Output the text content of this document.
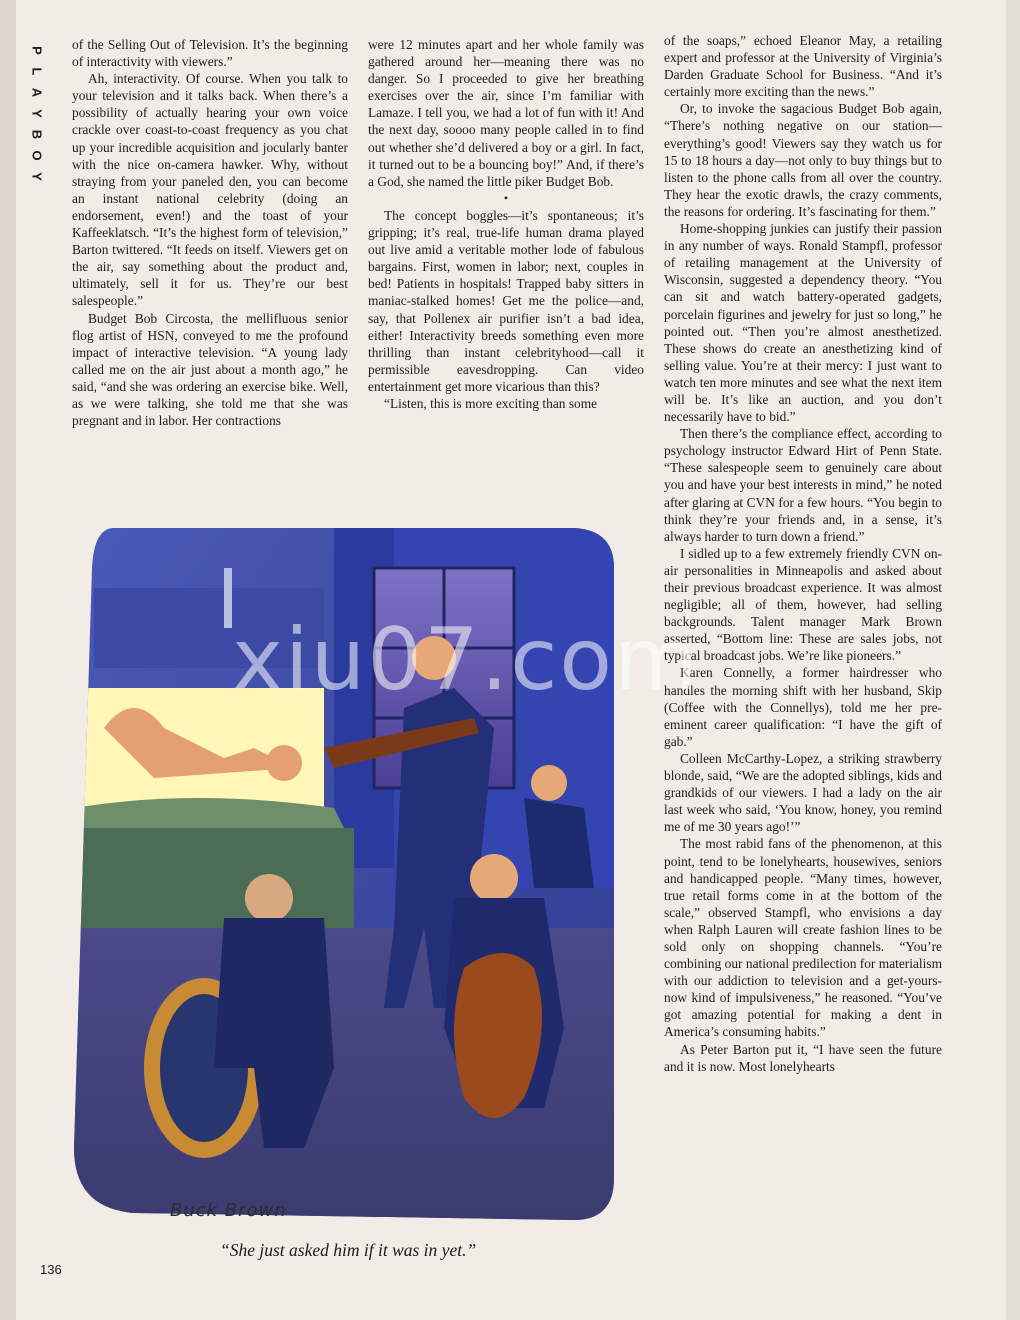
P
L
A
Y
B
O
Y

of the Selling Out of Television. It’s the beginning of interactivity with viewers.”

Ah, interactivity. Of course. When you talk to your television and it talks back. When there’s a possibility of actually hearing your own voice crackle over coast-to-coast frequency as you chat up your incredible acquisition and jocularly banter with the nice on-camera hawker. Why, without straying from your paneled den, you can become an instant national celebrity (doing an endorsement, even!) and the toast of your Kaffeeklatsch. “It’s the highest form of television,” Barton twittered. “It feeds on itself. Viewers get on the air, say something about the product and, ultimately, sell it for us. They’re our best salespeople.”

Budget Bob Circosta, the mellifluous senior flog artist of HSN, conveyed to me the profound impact of interactive television. “A young lady called me on the air just about a month ago,” he said, “and she was ordering an exercise bike. Well, as we were talking, she told me that she was pregnant and in labor. Her contractions

were 12 minutes apart and her whole family was gathered around her—meaning there was no danger. So I proceeded to give her breathing exercises over the air, since I’m familiar with Lamaze. I tell you, we had a lot of fun with it! And the next day, soooo many people called in to find out whether she’d delivered a boy or a girl. In fact, it turned out to be a bouncing boy!” And, if there’s a God, she named the little piker Budget Bob.

•

The concept boggles—it’s spontaneous; it’s gripping; it’s real, true-life human drama played out live amid a veritable mother lode of fabulous bargains. First, women in labor; next, couples in bed! Patients in hospitals! Trapped baby sitters in maniac-stalked homes! Get me the police—and, say, that Pollenex air purifier isn’t a bad idea, either! Interactivity breeds something even more thrilling than instant celebrityhood—call it permissible eavesdropping. Can video entertainment get more vicarious than this?

“Listen, this is more exciting than some

of the soaps,” echoed Eleanor May, a retailing expert and professor at the University of Virginia’s Darden Graduate School for Business. “And it’s certainly more exciting than the news.”

Or, to invoke the sagacious Budget Bob again, “There’s nothing negative on our station—everything’s good! Viewers say they watch us for 15 to 18 hours a day—not only to buy things but to listen to the phone calls from all over the country. They hear the exotic drawls, the crazy comments, the reasons for ordering. It’s fascinating for them.”

Home-shopping junkies can justify their passion in any number of ways. Ronald Stampfl, professor of retailing management at the University of Wisconsin, suggested a dependency theory. “You can sit and watch battery-operated gadgets, porcelain figurines and jewelry for just so long,” he pointed out. “Then you’re almost anesthetized. These shows do create an anesthetizing kind of selling value. You’re at their mercy: I just want to watch ten more minutes and see what the next item will be. It’s like an auction, and you don’t necessarily have to bid.”

Then there’s the compliance effect, according to psychology instructor Edward Hirt of Penn State. “These salespeople seem to genuinely care about you and have your best interests in mind,” he noted after glaring at CVN for a few hours. “You begin to think they’re your friends and, in a sense, it’s always harder to turn down a friend.”

I sidled up to a few extremely friendly CVN on-air personalities in Minneapolis and asked about their previous broadcast experience. It was almost negligible; all of them, however, had selling backgrounds. Talent manager Mark Brown asserted, “Bottom line: These are sales jobs, not typical broadcast jobs. We’re like pioneers.”

Karen Connelly, a former hairdresser who handles the morning shift with her husband, Skip (Coffee with the Connellys), told me her pre-eminent career qualification: “I have the gift of gab.”

Colleen McCarthy-Lopez, a striking strawberry blonde, said, “We are the adopted siblings, kids and grandkids of our viewers. I had a lady on the air last week who said, ‘You know, honey, you remind me of me 30 years ago!’”

The most rabid fans of the phenomenon, at this point, tend to be lonelyhearts, housewives, seniors and handicapped people. “Many times, however, true retail forms come in at the bottom of the scale,” observed Stampfl, who envisions a day when Ralph Lauren will create fashion lines to be sold only on shopping channels. “You’re combining our national predilection for materialism with our addiction to television and a get-yours-now kind of impulsiveness,” he reasoned. “You’ve got amazing potential for making a dent in America’s consuming habits.”

As Peter Barton put it, “I have seen the future and it is now. Most lonelyhearts

xiu07.com
Buck Brown
“She just asked him if it was in yet.”
136
